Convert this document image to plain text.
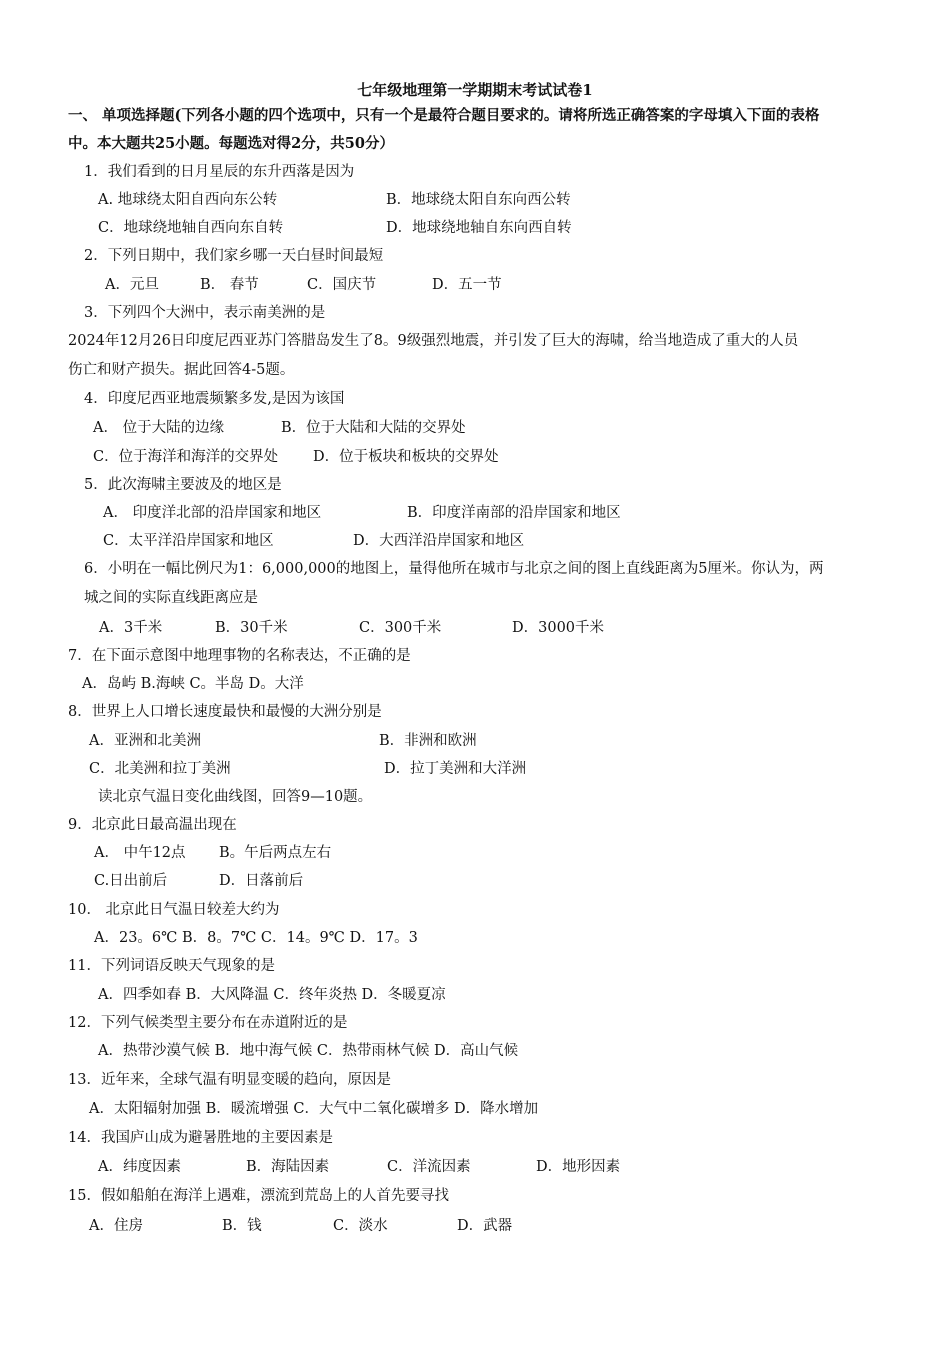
七年级地理第一学期期末考试试卷1
一、 单项选择题(下列各小题的四个选项中，只有一个是最符合题目要求的。请将所选正确答案的字母填入下面的表格
中。本大题共25小题。每题选对得2分，共50分）
1．我们看到的日月星辰的东升西落是因为
A. 地球绕太阳自西向东公转	B．地球绕太阳自东向西公转
C．地球绕地轴自西向东自转	D．地球绕地轴自东向西自转
2．下列日期中，我们家乡哪一天白昼时间最短
A．元旦	B． 春节	C．国庆节	D．五一节
3．下列四个大洲中，表示南美洲的是
2024年12月26日印度尼西亚苏门答腊岛发生了8。9级强烈地震，并引发了巨大的海啸，给当地造成了重大的人员
伤亡和财产损失。据此回答4-5题。
4．印度尼西亚地震频繁多发,是因为该国
A． 位于大陆的边缘	B．位于大陆和大陆的交界处
C．位于海洋和海洋的交界处 D．位于板块和板块的交界处
5．此次海啸主要波及的地区是
A． 印度洋北部的沿岸国家和地区	B．印度洋南部的沿岸国家和地区
C．太平洋沿岸国家和地区	D．大西洋沿岸国家和地区
6．小明在一幅比例尺为1：6,000,000的地图上，量得他所在城市与北京之间的图上直线距离为5厘米。你认为，两
城之间的实际直线距离应是
A．3千米	B．30千米	C．300千米	D．3000千米
7．在下面示意图中地理事物的名称表达，不正确的是
A．岛屿 B.海峡 C。半岛 D。大洋
8．世界上人口增长速度最快和最慢的大洲分别是
A．亚洲和北美洲	B．非洲和欧洲
C．北美洲和拉丁美洲	D．拉丁美洲和大洋洲
读北京气温日变化曲线图，回答9—10题。
9．北京此日最高温出现在
A． 中午12点 B。午后两点左右
C.日出前后	D．日落前后
10． 北京此日气温日较差大约为
A．23。6℃ B．8。7℃ C．14。9℃ D．17。3
11．下列词语反映天气现象的是
A．四季如春 B．大风降温 C．终年炎热 D．冬暖夏凉
12．下列气候类型主要分布在赤道附近的是
A．热带沙漠气候 B．地中海气候 C．热带雨林气候 D．高山气候
13．近年来，全球气温有明显变暖的趋向，原因是
A．太阳辐射加强 B．暖流增强 C．大气中二氧化碳增多 D．降水增加
14．我国庐山成为避暑胜地的主要因素是
A．纬度因素	B．海陆因素	C．洋流因素	D．地形因素
15．假如船舶在海洋上遇难，漂流到荒岛上的人首先要寻找
A．住房	B．钱	C．淡水	D．武器
